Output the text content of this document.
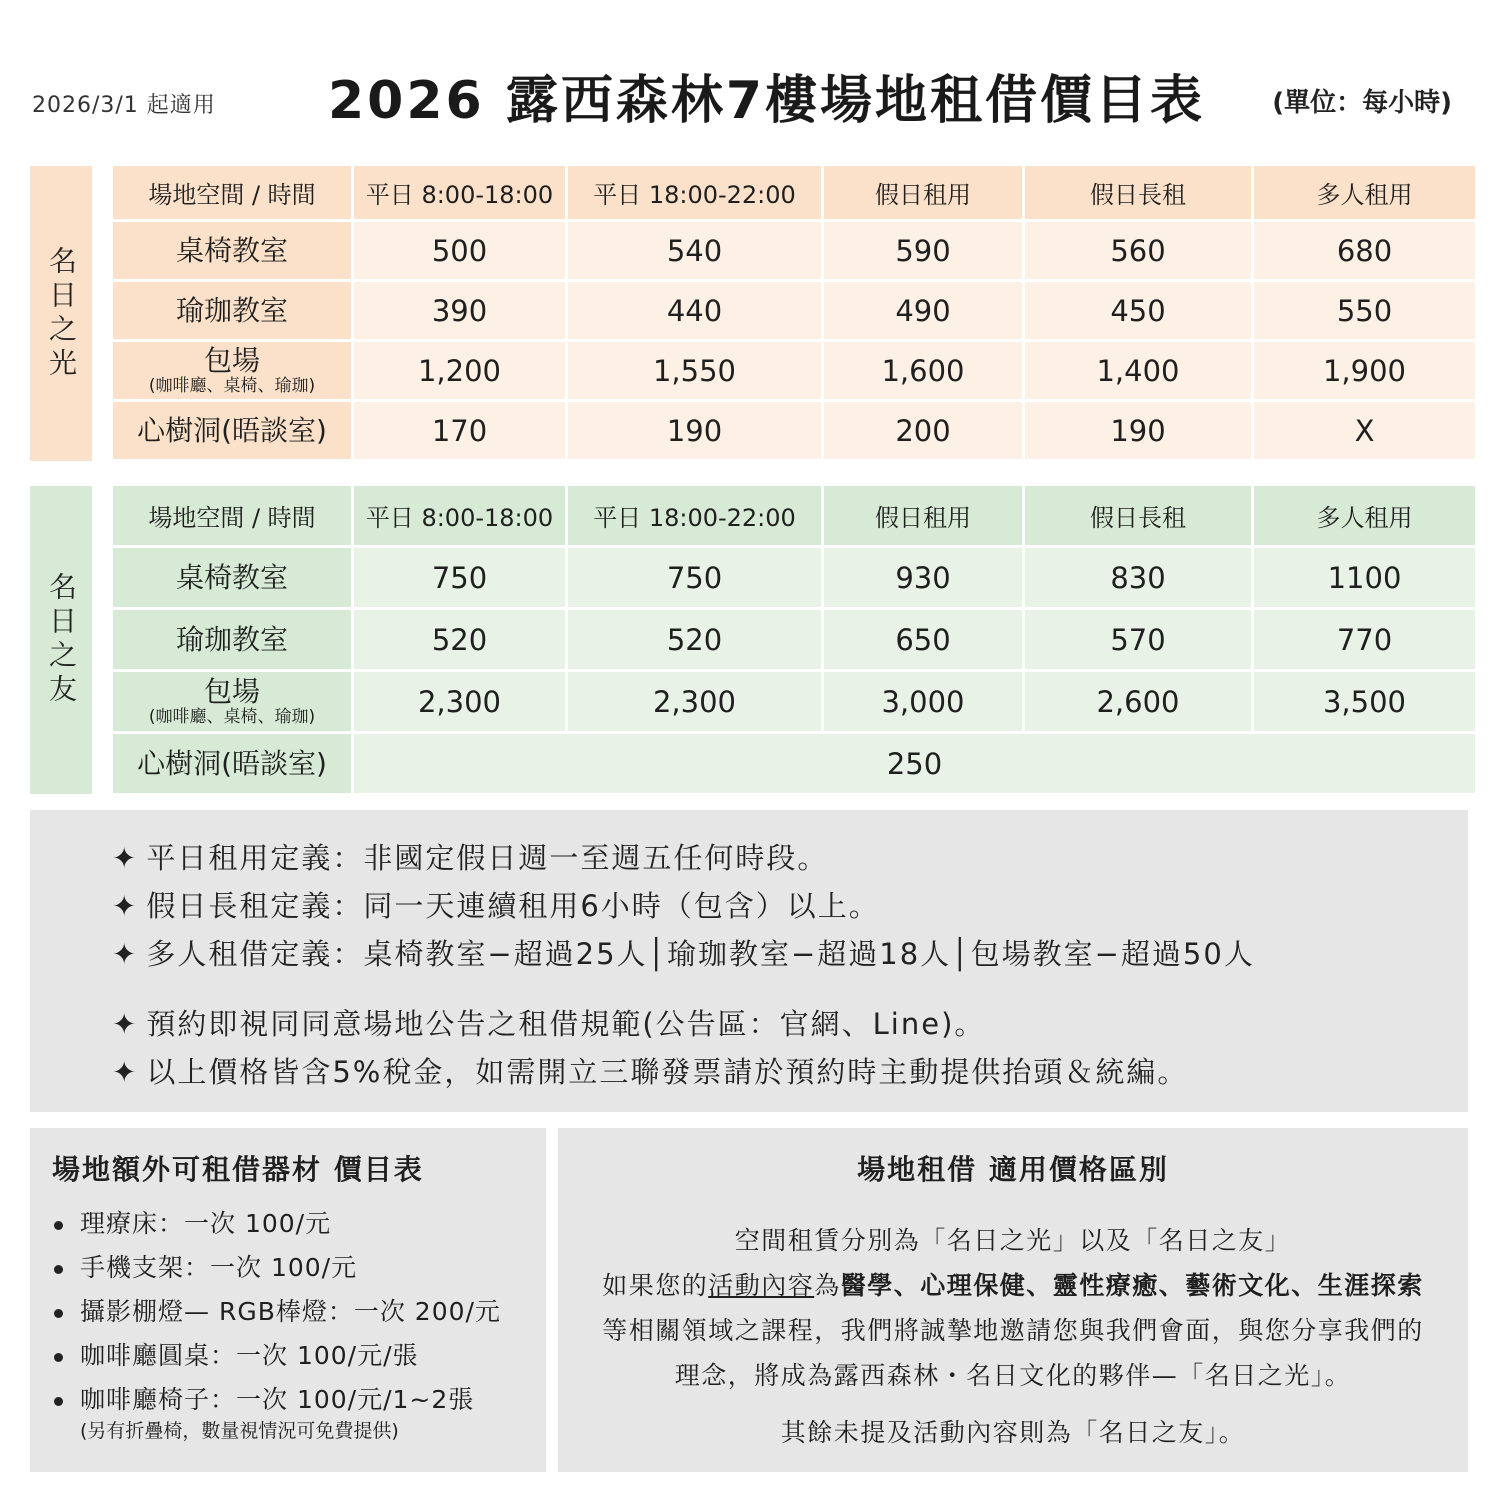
2026/3/1 起適用 2026 露西森林7樓場地租借價目表	(單位：每小時)
名日之光
場地空間 / 時間	平日 8:00-18:00	平日 18:00-22:00	假日租用	假日長租	多人租用

桌椅教室	500	540	590	560	680

瑜珈教室	390	440	490	450	550

包場
(咖啡廳、桌椅、瑜珈)	1,200	1,550	1,600	1,400	1,900

心樹洞(晤談室)	170	190	200	190	X
名日之友
場地空間 / 時間	平日 8:00-18:00	平日 18:00-22:00	假日租用	假日長租	多人租用

桌椅教室	750	750	930	830	1100

瑜珈教室	520	520	650	570	770

包場
(咖啡廳、桌椅、瑜珈)	2,300	2,300	3,000	2,600	3,500

心樹洞(晤談室)	250				
✦ 平日租用定義：非國定假日週一至週五任何時段。
✦ 假日長租定義：同一天連續租用6小時（包含）以上。
✦ 多人租借定義：桌椅教室−超過25人│瑜珈教室−超過18人│包場教室−超過50人
✦ 預約即視同同意場地公告之租借規範(公告區：官網、Line)。
✦ 以上價格皆含5%稅金，如需開立三聯發票請於預約時主動提供抬頭＆統編。
場地額外可租借器材 價目表
理療床：一次 100/元
手機支架：一次 100/元
攝影棚燈— RGB棒燈：一次 200/元
咖啡廳圓桌：一次 100/元/張
咖啡廳椅子：一次 100/元/1~2張
(另有折疊椅，數量視情況可免費提供)
場地租借 適用價格區別

空間租賃分別為「名日之光」以及「名日之友」

如果您的活動內容為醫學、心理保健、靈性療癒、藝術文化、生涯探索

等相關領域之課程，我們將誠摯地邀請您與我們會面，與您分享我們的

理念，將成為露西森林・名日文化的夥伴—「名日之光」。

其餘未提及活動內容則為「名日之友」。
